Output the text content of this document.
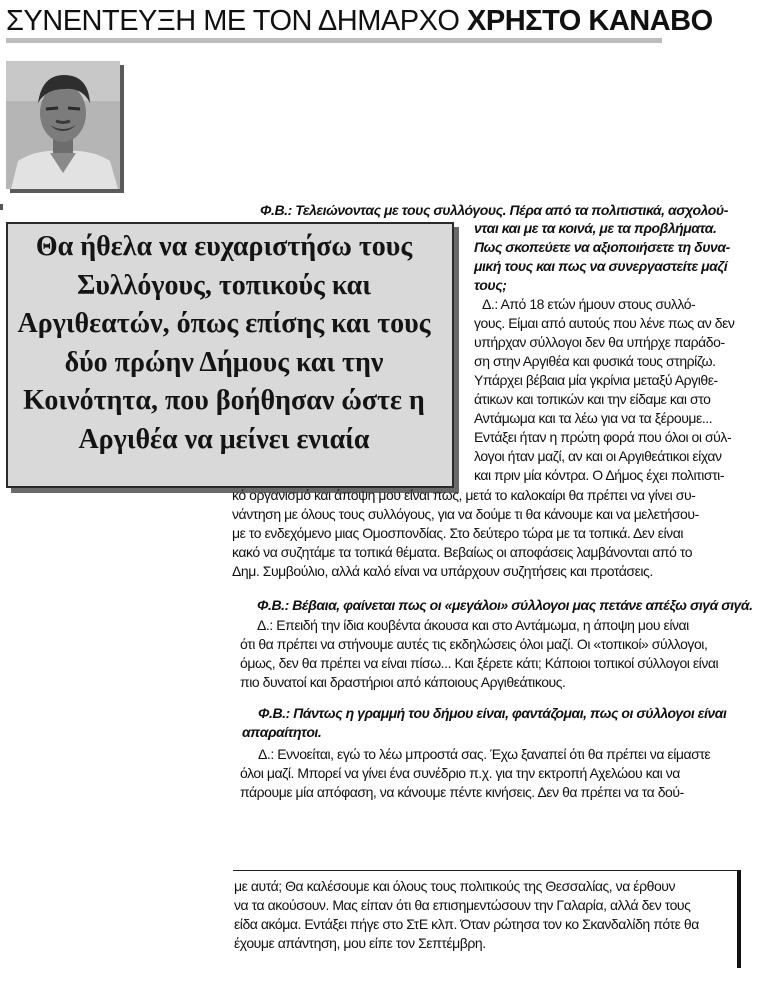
ΣΥΝΕΝΤΕΥΞΗ ΜΕ ΤΟΝ ΔΗΜΑΡΧΟ ΧΡΗΣΤΟ ΚΑΝΑΒΟ

Θα ήθελα να ευχαριστήσω τους Συλλόγους, τοπικούς και Αργιθεατών, όπως επίσης και τους δύο πρώην Δήμους και την Κοινότητα, που βοήθησαν ώστε η Αργιθέα να μείνει ενιαία

Φ.Β.: Τελειώνοντας με τους συλλόγους. Πέρα από τα πολιτιστικά, ασχολού-
νται και με τα κοινά, με τα προβλήματα.
Πως σκοπεύετε να αξιοποιήσετε τη δυνα-
μική τους και πως να συνεργαστείτε μαζί
τους;
Δ.: Από 18 ετών ήμουν στους συλλό-
γους. Είμαι από αυτούς που λένε πως αν δεν
υπήρχαν σύλλογοι δεν θα υπήρχε παράδο-
ση στην Αργιθέα και φυσικά τους στηρίζω.
Υπάρχει βέβαια μία γκρίνια μεταξύ Αργιθε-
άτικων και τοπικών και την είδαμε και στο
Αντάμωμα και τα λέω για να τα ξέρουμε...
Εντάξει ήταν η πρώτη φορά που όλοι οι σύλ-
λογοι ήταν μαζί, αν και οι Αργιθεάτικοι είχαν
και πριν μία κόντρα. Ο Δήμος έχει πολιτιστι-
κό οργανισμό και άποψη μου είναι πως, μετά το καλοκαίρι θα πρέπει να γίνει συ-
νάντηση με όλους τους συλλόγους, για να δούμε τι θα κάνουμε και να μελετήσου-
με το ενδεχόμενο μιας Ομοσπονδίας. Στο δεύτερο τώρα με τα τοπικά. Δεν είναι
κακό να συζητάμε τα τοπικά θέματα. Βεβαίως οι αποφάσεις λαμβάνονται από το
Δημ. Συμβούλιο, αλλά καλό είναι να υπάρχουν συζητήσεις και προτάσεις.
Φ.Β.: Βέβαια, φαίνεται πως οι «μεγάλοι» σύλλογοι μας πετάνε απέξω σιγά σιγά.
Δ.: Επειδή την ίδια κουβέντα άκουσα και στο Αντάμωμα, η άποψη μου είναι
ότι θα πρέπει να στήνουμε αυτές τις εκδηλώσεις όλοι μαζί. Οι «τοπικοί» σύλλογοι,
όμως, δεν θα πρέπει να είναι πίσω... Και ξέρετε κάτι; Κάποιοι τοπικοί σύλλογοι είναι
πιο δυνατοί και δραστήριοι από κάποιους Αργιθεάτικους.
Φ.Β.: Πάντως η γραμμή του δήμου είναι, φαντάζομαι, πως οι σύλλογοι είναι
απαραίτητοι.
Δ.: Εννοείται, εγώ το λέω μπροστά σας. Έχω ξαναπεί ότι θα πρέπει να είμαστε
όλοι μαζί. Μπορεί να γίνει ένα συνέδριο π.χ. για την εκτροπή Αχελώου και να
πάρουμε μία απόφαση, να κάνουμε πέντε κινήσεις. Δεν θα πρέπει να τα δού-
με αυτά; Θα καλέσουμε και όλους τους πολιτικούς της Θεσσαλίας, να έρθουν
να τα ακούσουν. Μας είπαν ότι θα επισημεντώσουν την Γαλαρία, αλλά δεν τους
είδα ακόμα. Εντάξει πήγε στο ΣτΕ κλπ. Όταν ρώτησα τον κο Σκανδαλίδη πότε θα
έχουμε απάντηση, μου είπε τον Σεπτέμβρη.
